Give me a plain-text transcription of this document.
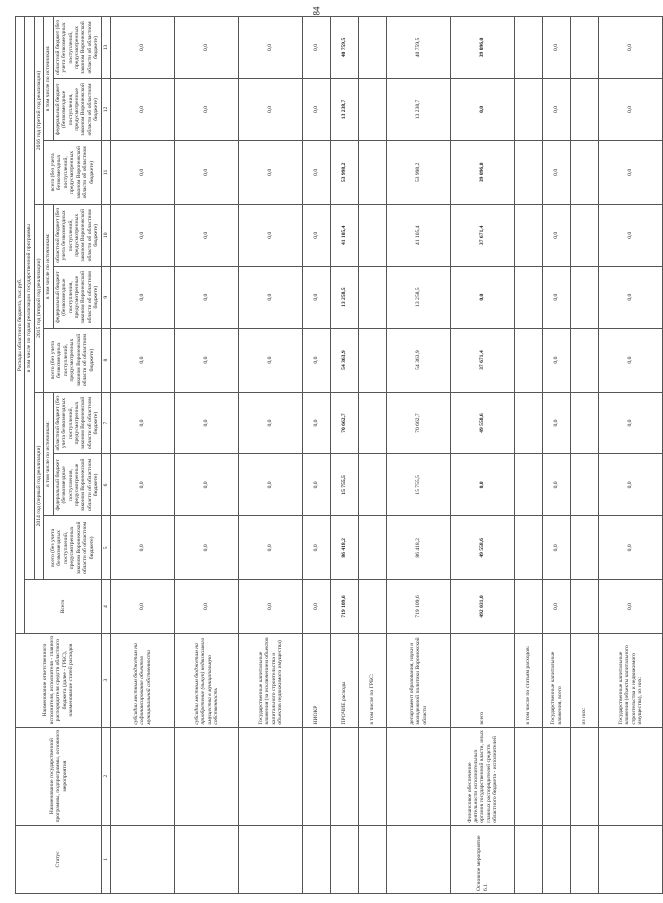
84
Статус	Наименование государственной программы, подпрограммы, основного мероприятия	Наименование ответственного исполнителя, исполнителя - главного распорядителя средств областного бюджета (далее - ГРБС), наименование статей расходов	Расходы областного бюджета, тыс.руб.									
			Всего	в том числе по годам реализации государственной программы								
				2014 год (первый год реализации)			2015 год (второй год реализации)			2016 год (третий год реализации)		
				всего (без учета безвозмездных поступлений, предусмотренных законом Воронежской области об областном бюджете)	в том числе по источникам:		всего (без учета безвозмездных поступлений, предусмотренных законом Воронежской области об областном бюджете)	в том числе по источникам:		всего (без учета безвозмездных поступлений, предусмотренных законом Воронежской области об областном бюджете)	в том числе по источникам:	
					федеральный бюджет (безвозмездные поступления, предусмотренные законом Воронежской области об областном бюджете)	областной бюджет (без учета безвозмездных поступлений, предусмотренных законом Воронежской области об областном бюджете)		федеральный бюджет (безвозмездные поступления, предусмотренные законом Воронежской области об областном бюджете)	областной бюджет (без учета безвозмездных поступлений, предусмотренных законом Воронежской области об областном бюджете)		федеральный бюджет (безвозмездные поступления, предусмотренные законом Воронежской области об областном бюджете)	областной бюджет (без учета безвозмездных поступлений, предусмотренных законом Воронежской области об областном бюджете)
1	2	3	4	5	6	7	8	9	10	11	12	13
		субсидии местным бюджетам на софинансирование объектов муниципальной собственности	0,0	0,0	0,0	0,0	0,0	0,0	0,0	0,0	0,0	0,0
		субсидии местным бюджетам на приобретение (выкуп) недвижимого имущества в муниципальную собственность	0,0	0,0	0,0	0,0	0,0	0,0	0,0	0,0	0,0	0,0
		Государственные капитальные вложения (за исключением объектов капитального строительства и объектов недвижимого имущества)	0,0	0,0	0,0	0,0	0,0	0,0	0,0	0,0	0,0	0,0
		НИОКР	0,0	0,0	0,0	0,0	0,0	0,0	0,0	0,0	0,0	0,0
		ПРОЧИЕ расходы	719 109,6	86 418,2	15 755,5	70 662,7	54 363,9	13 258,5	41 105,4	53 998,2	13 238,7	40 759,5
		в том числе по ГРБС:										
		департамент образования, науки и молодежной политики Воронежской области	719 109,6	86 418,2	15 755,5	70 662,7	54 363,9	13 258,5	41 105,4	53 998,2	13 238,7	40 759,5
Основное мероприятие 6.1	Финансовое обеспечение деятельности исполнительных органов государственной власти, иных главных распорядителей средств областного бюджета - исполнителей	всего	492 031,0	49 558,6	0,0	49 558,6	37 671,4	0,0	37 671,4	39 096,0	0,0	39 096,0
		в том числе по статьям расходов:										
		Государственные капитальные вложения, всего	0,0	0,0	0,0	0,0	0,0	0,0	0,0	0,0	0,0	0,0
		из них:										
		Государственные капитальные вложения (объекты капитального строительства и недвижимого имущества), из них:	0,0	0,0	0,0	0,0	0,0	0,0	0,0	0,0	0,0	0,0
